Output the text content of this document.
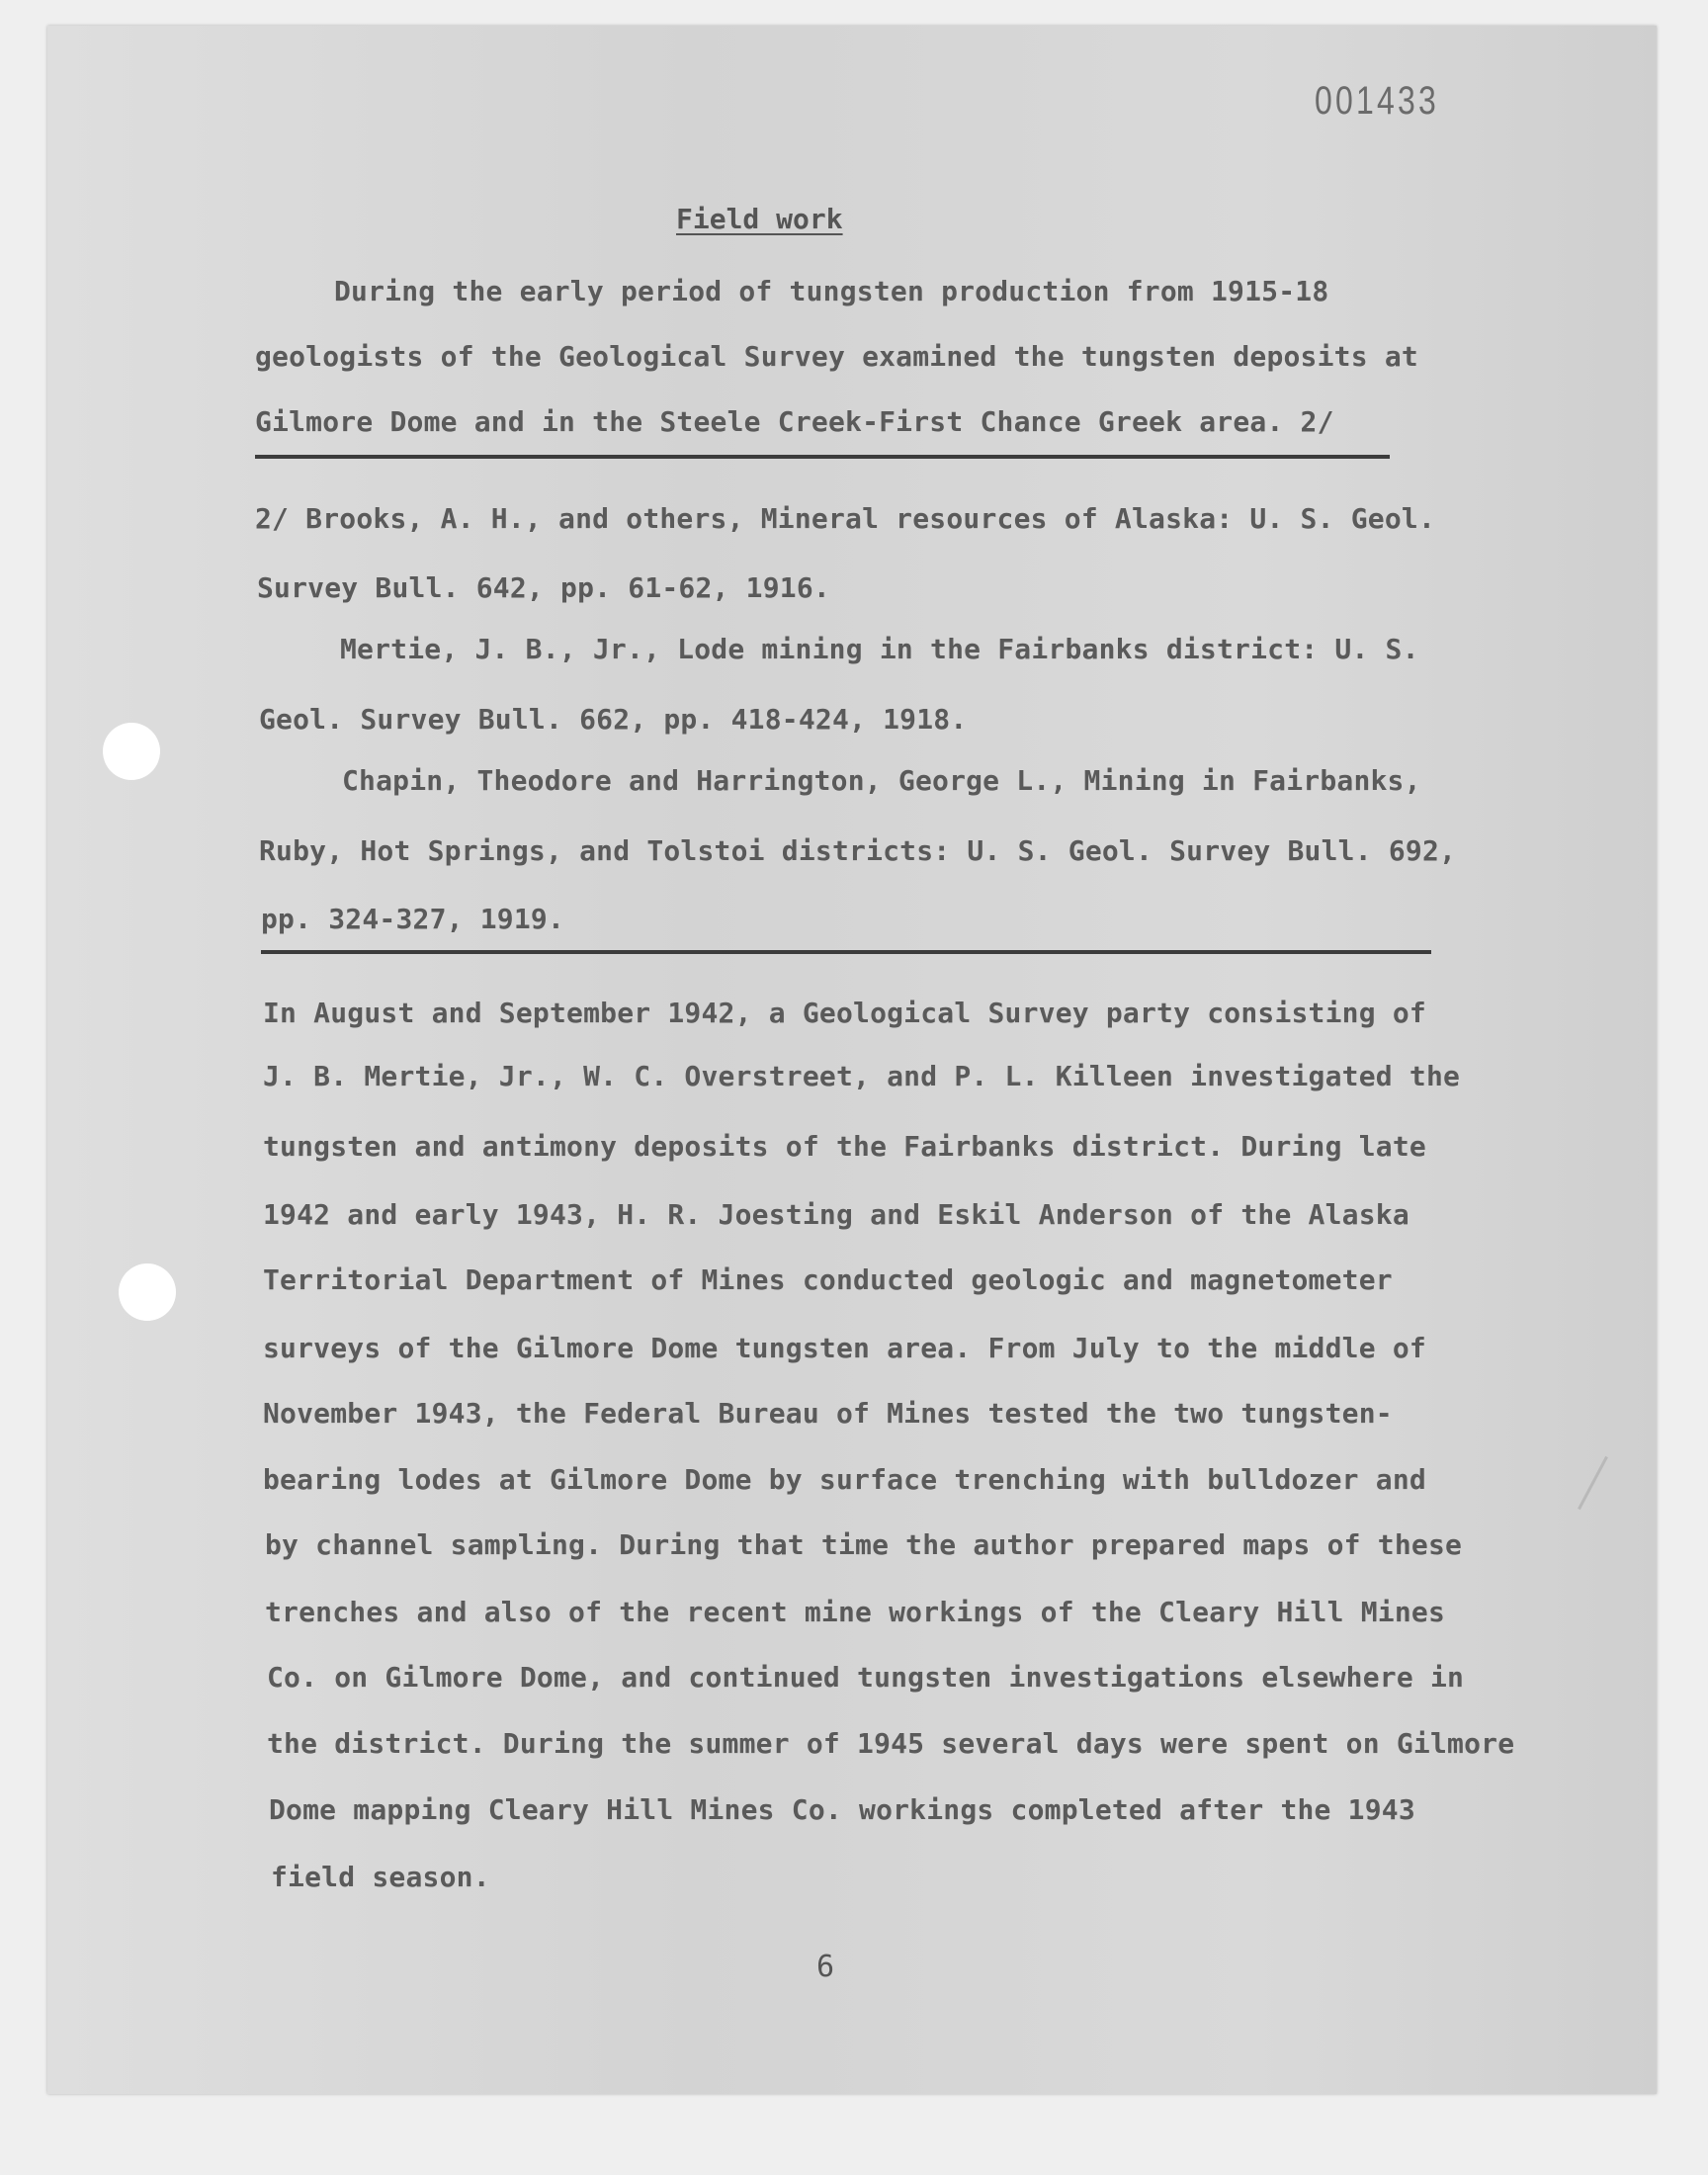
001433
Field work
During the early period of tungsten production from 1915-18
geologists of the Geological Survey examined the tungsten deposits at
Gilmore Dome and in the Steele Creek-First Chance Greek area. 2/
2/ Brooks, A. H., and others, Mineral resources of Alaska: U. S. Geol.
Survey Bull. 642, pp. 61-62, 1916.
Mertie, J. B., Jr., Lode mining in the Fairbanks district: U. S.
Geol. Survey Bull. 662, pp. 418-424, 1918.
Chapin, Theodore and Harrington, George L., Mining in Fairbanks,
Ruby, Hot Springs, and Tolstoi districts: U. S. Geol. Survey Bull. 692,
pp. 324-327, 1919.
In August and September 1942, a Geological Survey party consisting of
J. B. Mertie, Jr., W. C. Overstreet, and P. L. Killeen investigated the
tungsten and antimony deposits of the Fairbanks district. During late
1942 and early 1943, H. R. Joesting and Eskil Anderson of the Alaska
Territorial Department of Mines conducted geologic and magnetometer
surveys of the Gilmore Dome tungsten area. From July to the middle of
November 1943, the Federal Bureau of Mines tested the two tungsten-
bearing lodes at Gilmore Dome by surface trenching with bulldozer and
by channel sampling. During that time the author prepared maps of these
trenches and also of the recent mine workings of the Cleary Hill Mines
Co. on Gilmore Dome, and continued tungsten investigations elsewhere in
the district. During the summer of 1945 several days were spent on Gilmore
Dome mapping Cleary Hill Mines Co. workings completed after the 1943
field season.
6
